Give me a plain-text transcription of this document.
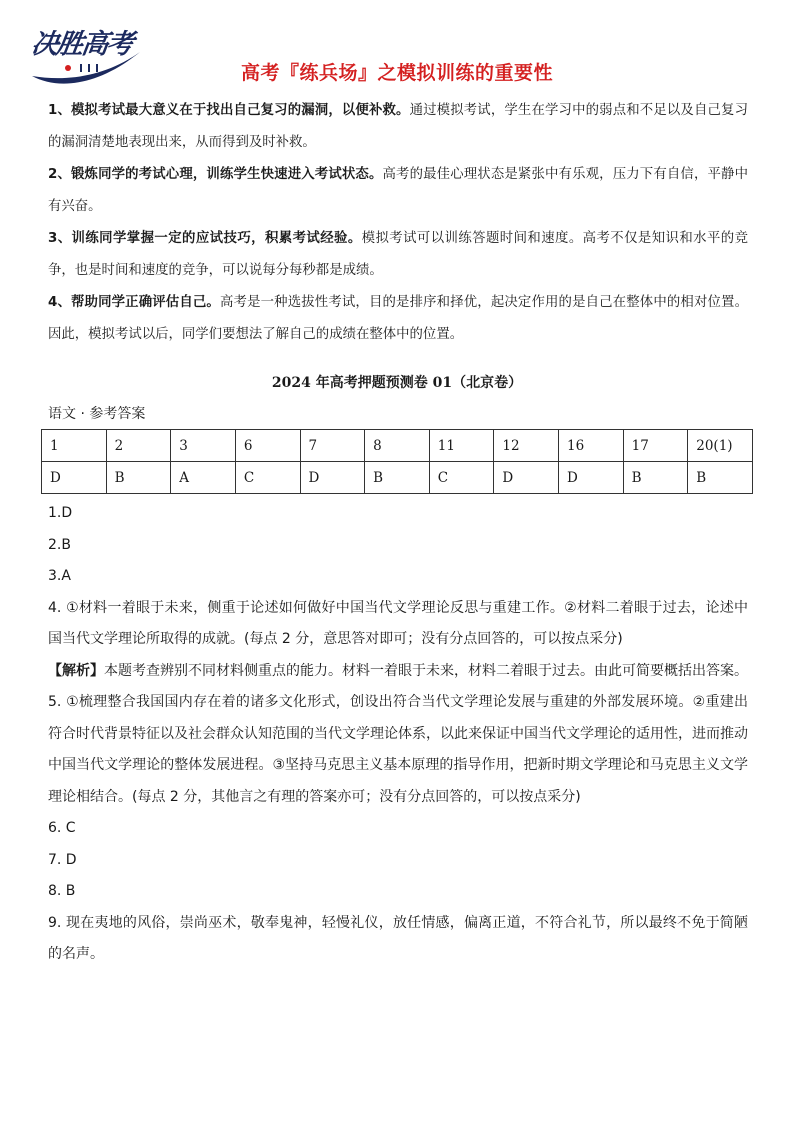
决胜高考
高考『练兵场』之模拟训练的重要性

1、模拟考试最大意义在于找出自己复习的漏洞，以便补救。通过模拟考试，学生在学习中的弱点和不足以及自己复习的漏洞清楚地表现出来，从而得到及时补救。

2、锻炼同学的考试心理，训练学生快速进入考试状态。高考的最佳心理状态是紧张中有乐观，压力下有自信，平静中有兴奋。

3、训练同学掌握一定的应试技巧，积累考试经验。模拟考试可以训练答题时间和速度。高考不仅是知识和水平的竞争，也是时间和速度的竞争，可以说每分每秒都是成绩。

4、帮助同学正确评估自己。高考是一种选拔性考试，目的是排序和择优，起决定作用的是自己在整体中的相对位置。因此，模拟考试以后，同学们要想法了解自己的成绩在整体中的位置。

2024 年高考押题预测卷 01（北京卷）
语文 · 参考答案
1	2	3	6	7	8	11	12	16	17	20(1)
D	B	A	C	D	B	C	D	D	B	B

1.D

2.B

3.A

4. ①材料一着眼于未来，侧重于论述如何做好中国当代文学理论反思与重建工作。②材料二着眼于过去，论述中国当代文学理论所取得的成就。(每点 2 分，意思答对即可；没有分点回答的，可以按点采分)

【解析】本题考查辨别不同材料侧重点的能力。材料一着眼于未来，材料二着眼于过去。由此可简要概括出答案。

5. ①梳理整合我国国内存在着的诸多文化形式，创设出符合当代文学理论发展与重建的外部发展环境。②重建出符合时代背景特征以及社会群众认知范围的当代文学理论体系，以此来保证中国当代文学理论的适用性，进而推动中国当代文学理论的整体发展进程。③坚持马克思主义基本原理的指导作用，把新时期文学理论和马克思主义文学理论相结合。(每点 2 分，其他言之有理的答案亦可；没有分点回答的，可以按点采分)

6. C

7. D

8. B

9. 现在夷地的风俗，崇尚巫术，敬奉鬼神，轻慢礼仪，放任情感，偏离正道，不符合礼节，所以最终不免于简陋的名声。
